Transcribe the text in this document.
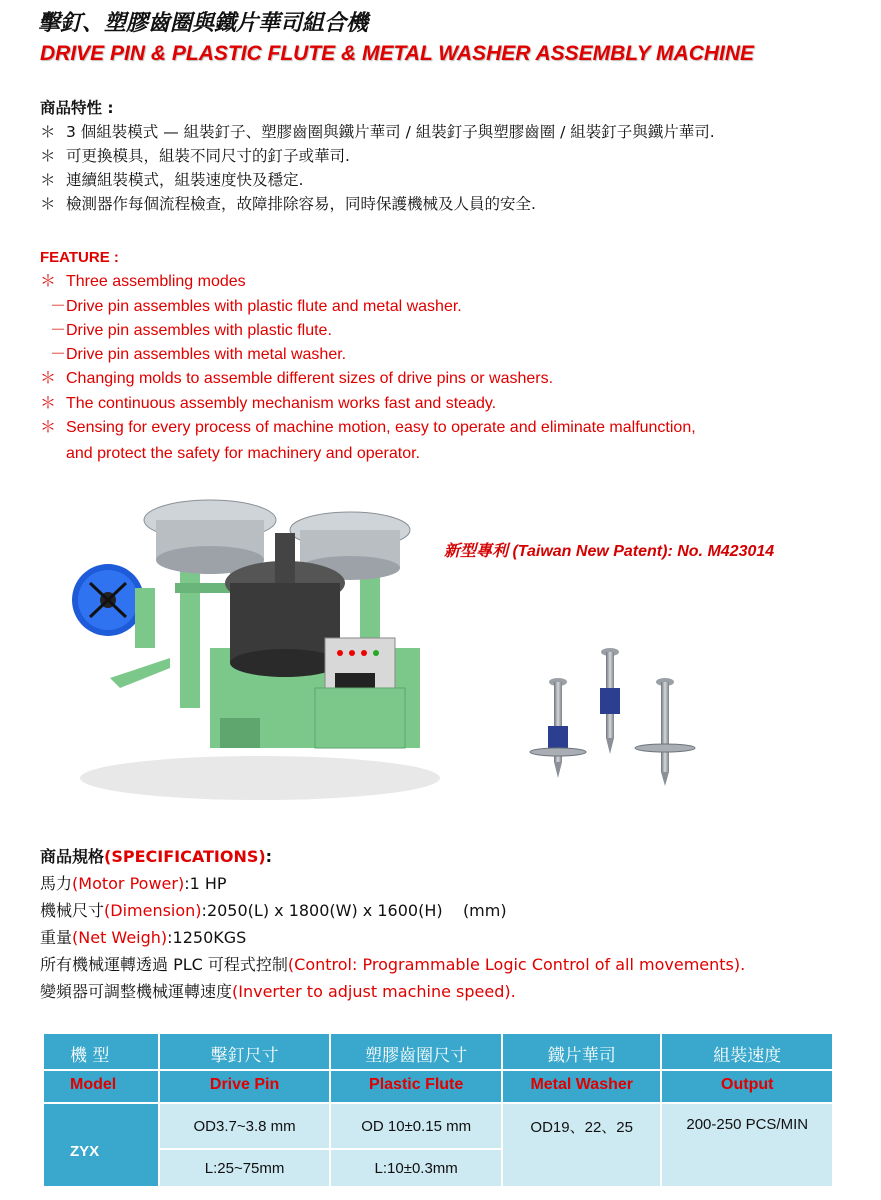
擊釘、塑膠齒圈與鐵片華司組合機
DRIVE PIN & PLASTIC FLUTE & METAL WASHER ASSEMBLY MACHINE
商品特性 :
＊ 3 個組裝模式 — 組裝釘子、塑膠齒圈與鐵片華司 / 組裝釘子與塑膠齒圈 / 組裝釘子與鐵片華司.
＊ 可更換模具，組裝不同尺寸的釘子或華司.
＊ 連續組裝模式，組裝速度快及穩定.
＊ 檢測器作每個流程檢查，故障排除容易，同時保護機械及人員的安全.
FEATURE :
＊ Three assembling modes
－Drive pin assembles with plastic flute and metal washer.
－Drive pin assembles with plastic flute.
－Drive pin assembles with metal washer.
＊ Changing molds to assemble different sizes of drive pins or washers.
＊ The continuous assembly mechanism works fast and steady.
＊ Sensing for every process of machine motion, easy to operate and eliminate malfunction,
and protect the safety for machinery and operator.
新型專利 (Taiwan New Patent): No. M423014
商品規格(SPECIFICATIONS):
馬力(Motor Power):1 HP
機械尺寸(Dimension):2050(L) x 1800(W) x 1600(H)    (mm)
重量(Net Weigh):1250KGS
所有機械運轉透過 PLC 可程式控制(Control: Programmable Logic Control of all movements).
變頻器可調整機械運轉速度(Inverter to adjust machine speed).
機 型	擊釘尺寸	塑膠齒圈尺寸	鐵片華司	組裝速度
Model	Drive Pin	Plastic Flute	Metal Washer	Output
ZYX	OD3.7~3.8 mm	OD 10±0.15 mm	OD19、22、25	200-250 PCS/MIN
	L:25~75mm	L:10±0.3mm		
